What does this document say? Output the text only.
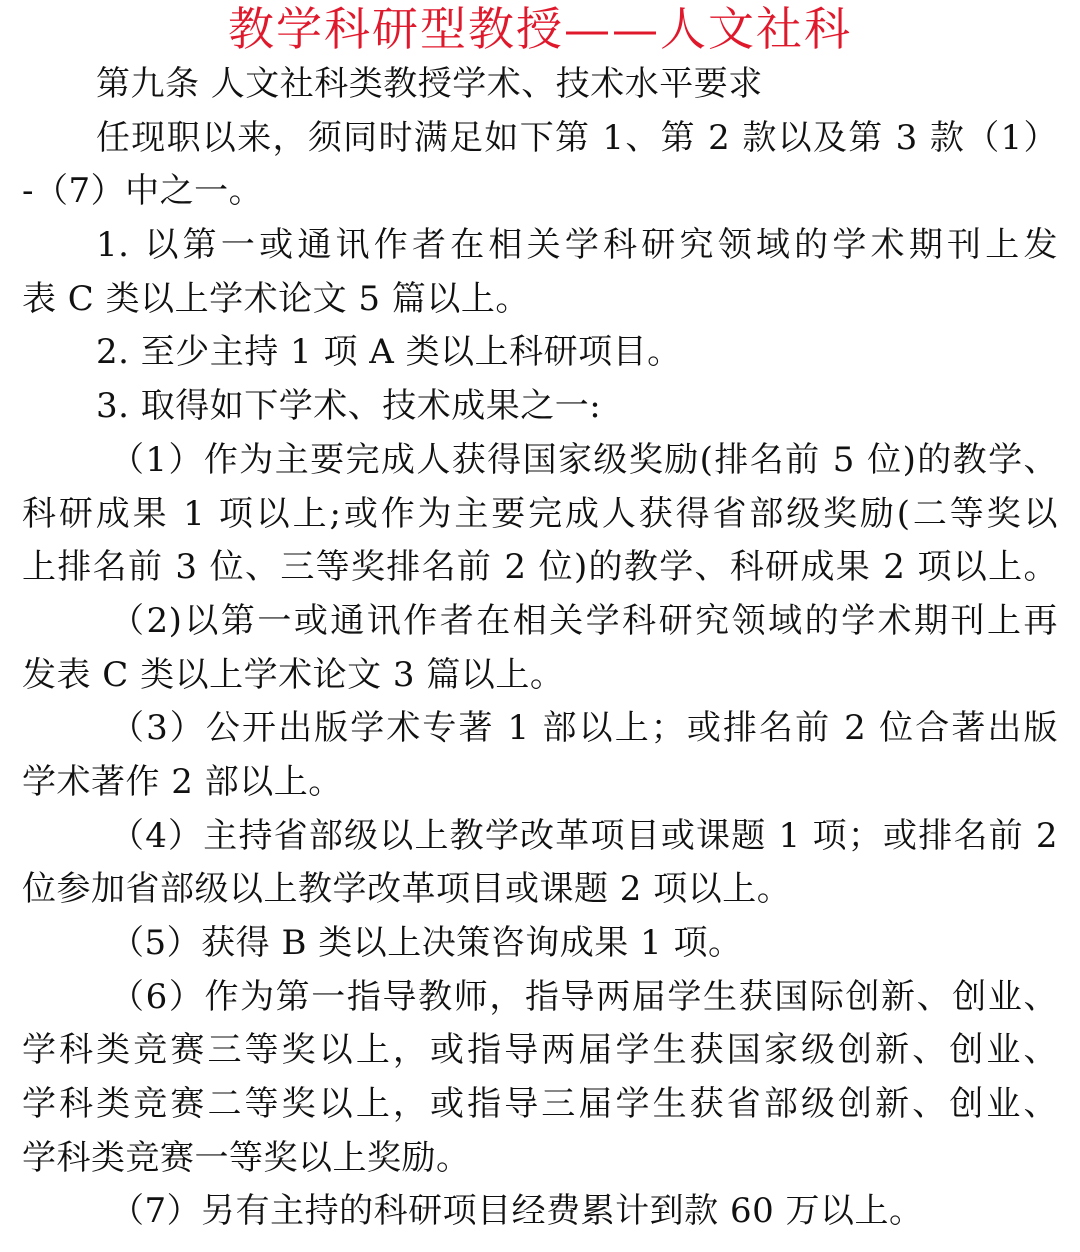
教学科研型教授——人文社科
第九条 人文社科类教授学术、技术水平要求
任现职以来，须同时满足如下第 1、第 2 款以及第 3 款（1）
-（7）中之一。
1. 以第一或通讯作者在相关学科研究领域的学术期刊上发
表 C 类以上学术论文 5 篇以上。
2. 至少主持 1 项 A 类以上科研项目。
3. 取得如下学术、技术成果之一:
（1）作为主要完成人获得国家级奖励(排名前 5 位)的教学、
科研成果 1 项以上;或作为主要完成人获得省部级奖励(二等奖以
上排名前 3 位、三等奖排名前 2 位)的教学、科研成果 2 项以上。
（2)以第一或通讯作者在相关学科研究领域的学术期刊上再
发表 C 类以上学术论文 3 篇以上。
（3）公开出版学术专著 1 部以上；或排名前 2 位合著出版
学术著作 2 部以上。
（4）主持省部级以上教学改革项目或课题 1 项；或排名前 2
位参加省部级以上教学改革项目或课题 2 项以上。
（5）获得 B 类以上决策咨询成果 1 项。
（6）作为第一指导教师，指导两届学生获国际创新、创业、
学科类竞赛三等奖以上，或指导两届学生获国家级创新、创业、
学科类竞赛二等奖以上，或指导三届学生获省部级创新、创业、
学科类竞赛一等奖以上奖励。
（7）另有主持的科研项目经费累计到款 60 万以上。
